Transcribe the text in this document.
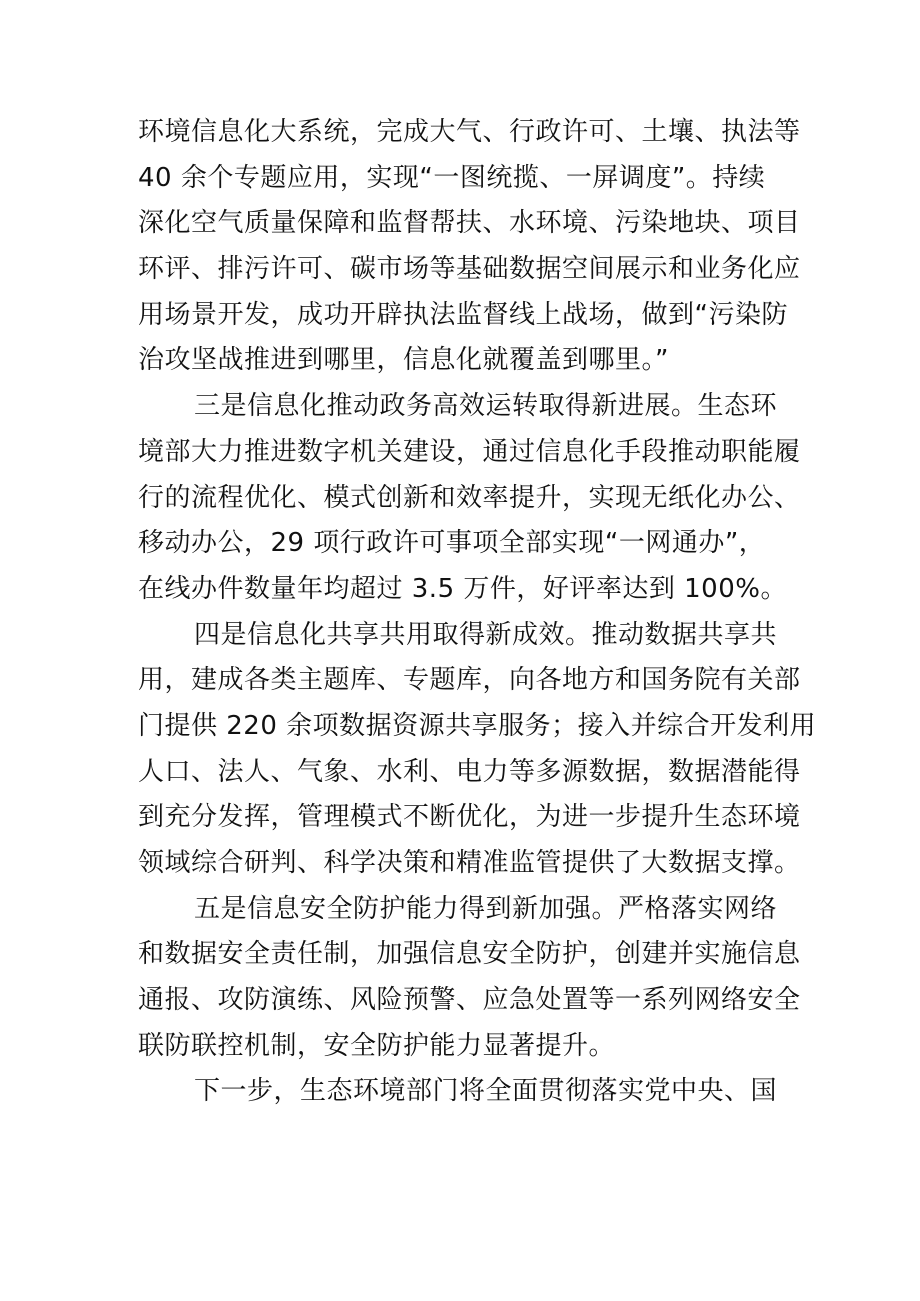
环境信息化大系统，完成大气、行政许可、土壤、执法等
40 余个专题应用，实现“一图统揽、一屏调度”。持续
深化空气质量保障和监督帮扶、水环境、污染地块、项目
环评、排污许可、碳市场等基础数据空间展示和业务化应
用场景开发，成功开辟执法监督线上战场，做到“污染防
治攻坚战推进到哪里，信息化就覆盖到哪里。”
三是信息化推动政务高效运转取得新进展。生态环
境部大力推进数字机关建设，通过信息化手段推动职能履
行的流程优化、模式创新和效率提升，实现无纸化办公、
移动办公，29 项行政许可事项全部实现“一网通办”，
在线办件数量年均超过 3.5 万件，好评率达到 100%。
四是信息化共享共用取得新成效。推动数据共享共
用，建成各类主题库、专题库，向各地方和国务院有关部
门提供 220 余项数据资源共享服务；接入并综合开发利用
人口、法人、气象、水利、电力等多源数据，数据潜能得
到充分发挥，管理模式不断优化，为进一步提升生态环境
领域综合研判、科学决策和精准监管提供了大数据支撑。
五是信息安全防护能力得到新加强。严格落实网络
和数据安全责任制，加强信息安全防护，创建并实施信息
通报、攻防演练、风险预警、应急处置等一系列网络安全
联防联控机制，安全防护能力显著提升。
下一步，生态环境部门将全面贯彻落实党中央、国
